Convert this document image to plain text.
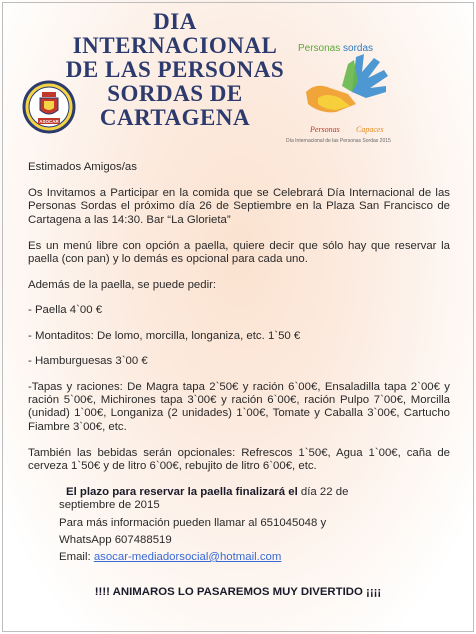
DIA
INTERNACIONAL
DE LAS PERSONAS
SORDAS DE
CARTAGENA
ASOCAR
Personas sordas
Personas Capaces
Día Internacional de las Personas Sordas 2015

Estimados Amigos/as

Os Invitamos a Participar en la comida que se Celebrará Día Internacional de las Personas Sordas el próximo día 26 de Septiembre en la Plaza San Francisco de Cartagena a las 14:30. Bar “La Glorieta”

Es un menú libre con opción a paella, quiere decir que sólo hay que reservar la paella (con pan) y lo demás es opcional para cada uno.

Además de la paella, se puede pedir:

- Paella 4`00 €

- Montaditos: De lomo, morcilla, longaniza, etc. 1`50 €

- Hamburguesas 3`00 €

-Tapas y raciones: De Magra tapa 2`50€ y ración 6`00€, Ensaladilla tapa 2`00€ y ración 5`00€, Michirones tapa 3`00€ y ración 6`00€, ración Pulpo 7`00€, Morcilla (unidad) 1`00€, Longaniza (2 unidades) 1`00€, Tomate y Caballa 3`00€, Cartucho Fiambre 3`00€, etc.

También las bebidas serán opcionales: Refrescos 1`50€, Agua 1`00€, caña de cerveza 1`50€ y de litro 6`00€, rebujito de litro 6`00€, etc.

El plazo para reservar la paella finalizará el día 22 de

septiembre de 2015

Para más información pueden llamar al 651045048 y

WhatsApp 607488519

Email: asocar-mediadorsocial@hotmail.com

!!!! ANIMAROS LO PASAREMOS MUY DIVERTIDO ¡¡¡¡
